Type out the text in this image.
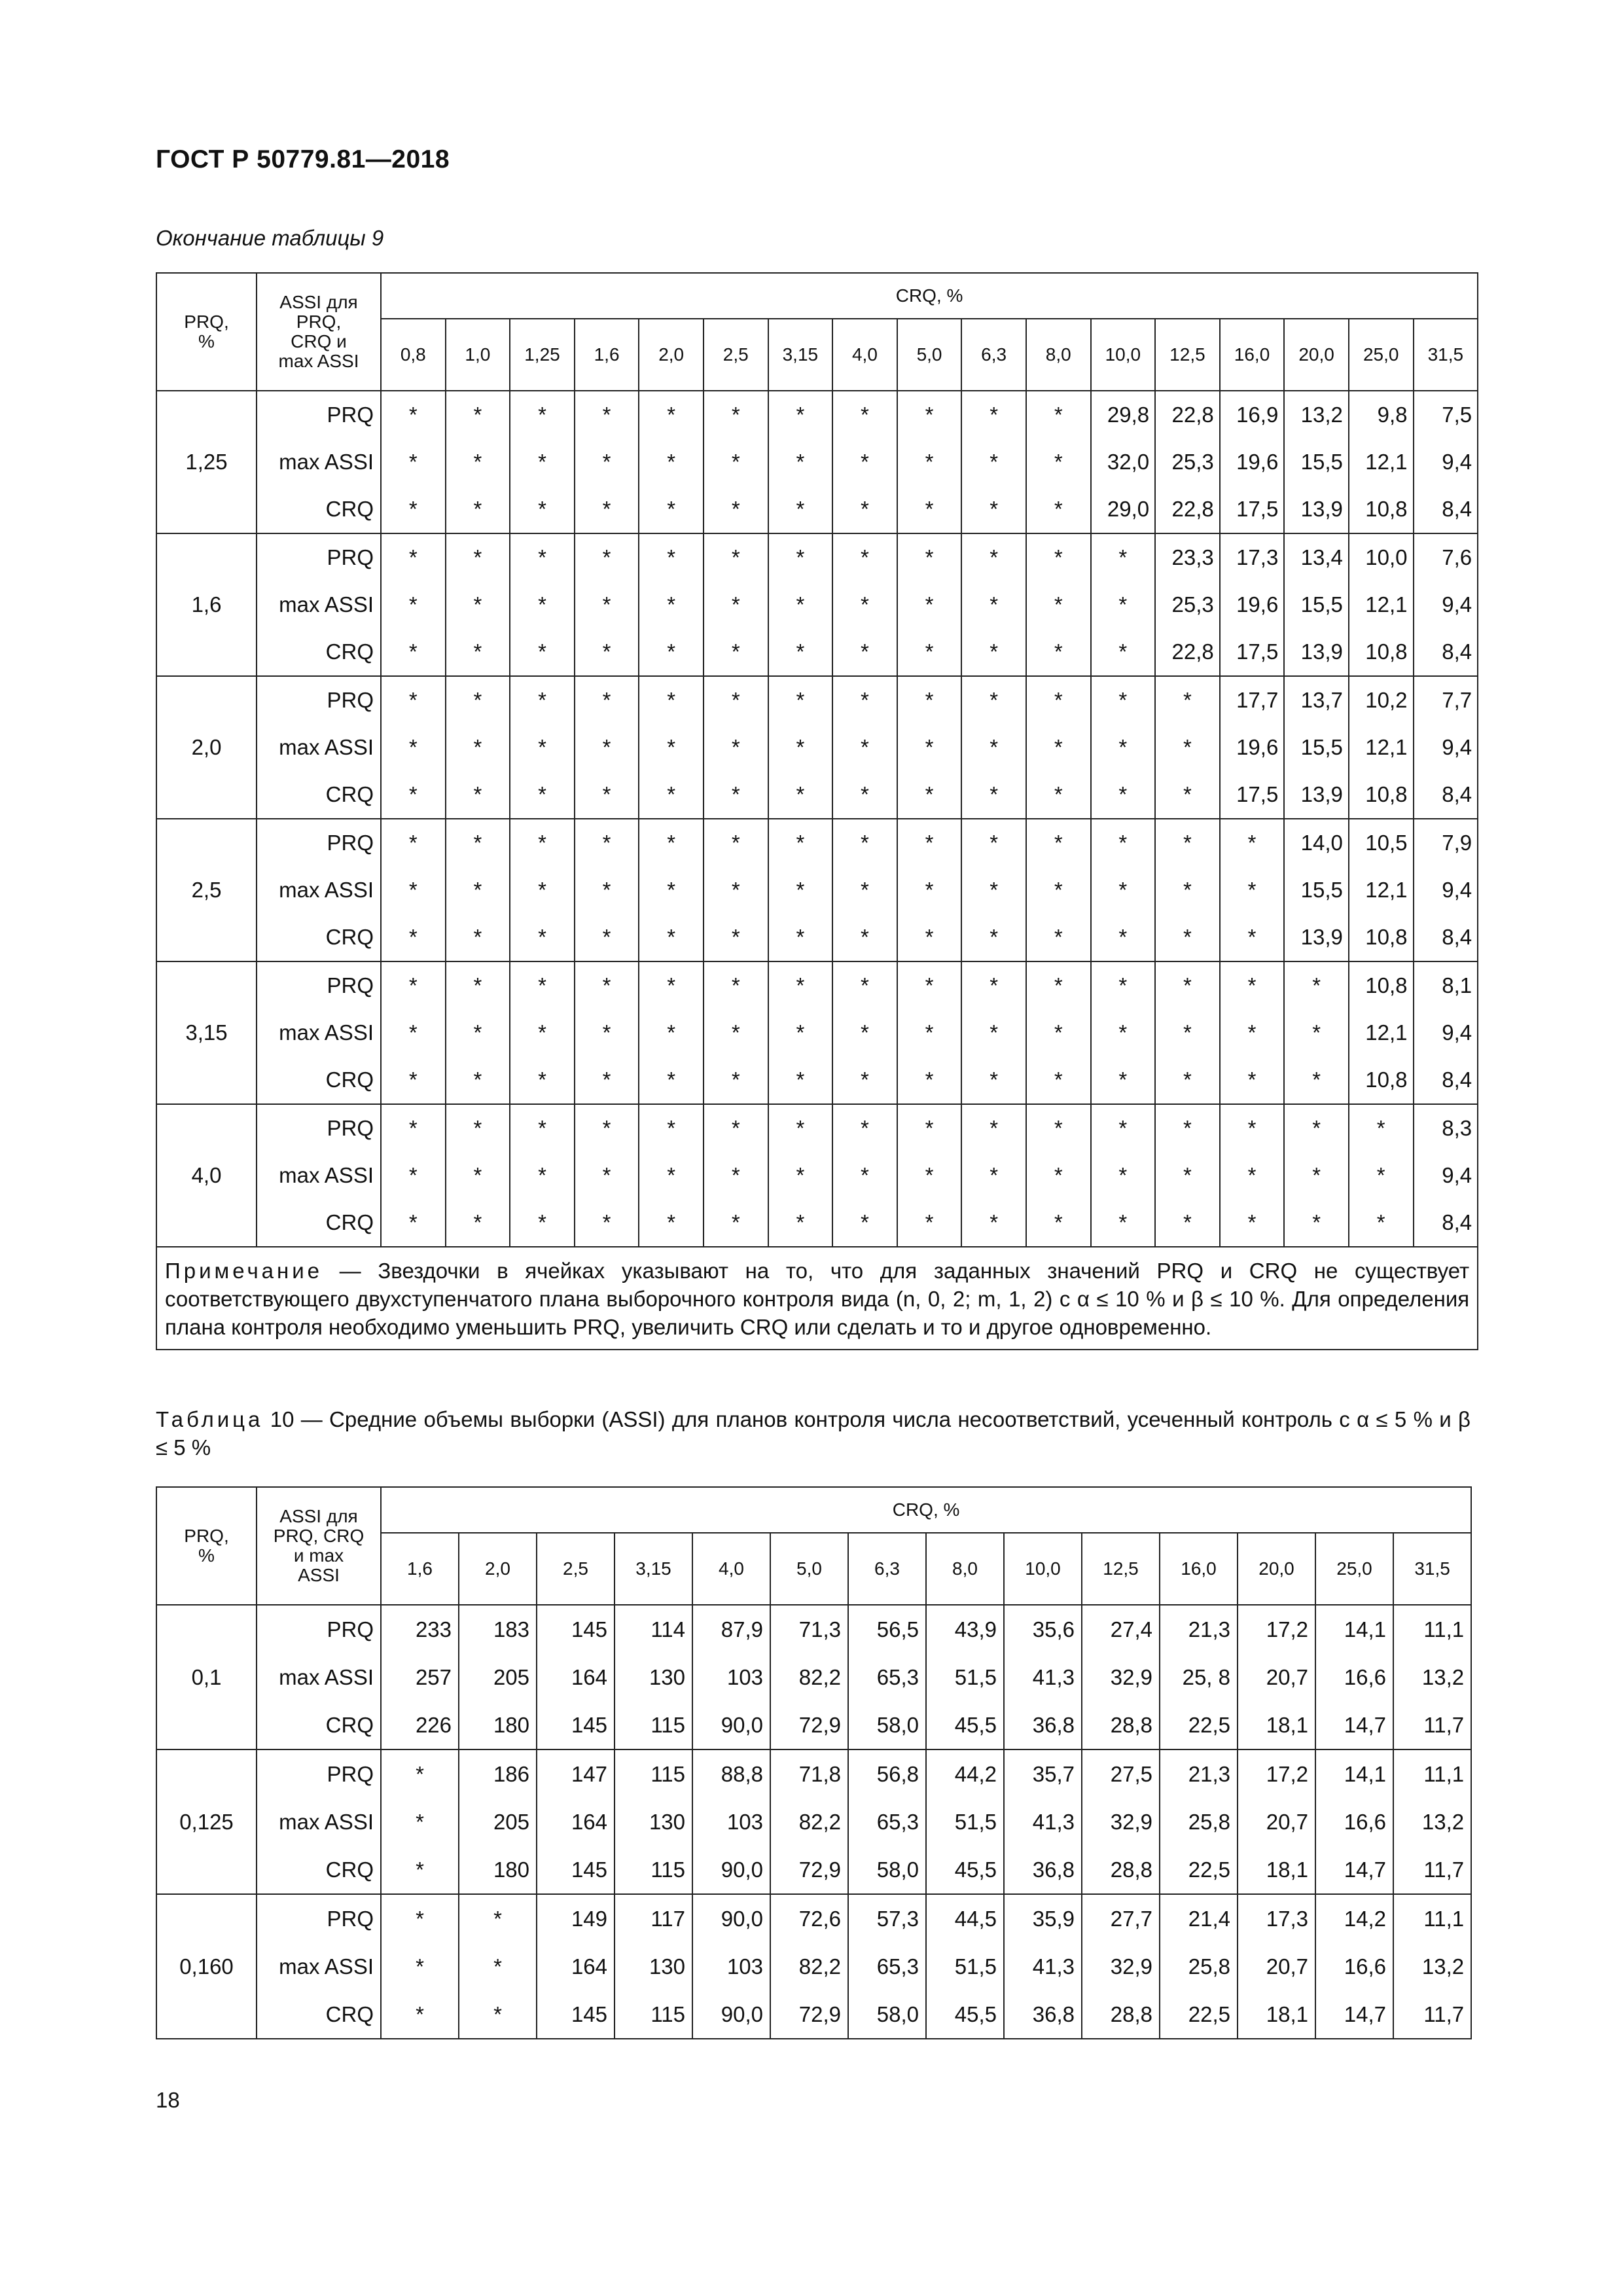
ГОСТ Р 50779.81—2018
Окончание таблицы 9
PRQ,
%	ASSI для
PRQ,
CRQ и
max ASSI	CRQ, %																
		0,8	1,0	1,25	1,6	2,0	2,5	3,15	4,0	5,0	6,3	8,0	10,0	12,5	16,0	20,0	25,0	31,5
1,25	PRQ	*	*	*	*	*	*	*	*	*	*	*	29,8	22,8	16,9	13,2	9,8	7,5
	max ASSI	*	*	*	*	*	*	*	*	*	*	*	32,0	25,3	19,6	15,5	12,1	9,4
	CRQ	*	*	*	*	*	*	*	*	*	*	*	29,0	22,8	17,5	13,9	10,8	8,4
1,6	PRQ	*	*	*	*	*	*	*	*	*	*	*	*	23,3	17,3	13,4	10,0	7,6
	max ASSI	*	*	*	*	*	*	*	*	*	*	*	*	25,3	19,6	15,5	12,1	9,4
	CRQ	*	*	*	*	*	*	*	*	*	*	*	*	22,8	17,5	13,9	10,8	8,4
2,0	PRQ	*	*	*	*	*	*	*	*	*	*	*	*	*	17,7	13,7	10,2	7,7
	max ASSI	*	*	*	*	*	*	*	*	*	*	*	*	*	19,6	15,5	12,1	9,4
	CRQ	*	*	*	*	*	*	*	*	*	*	*	*	*	17,5	13,9	10,8	8,4
2,5	PRQ	*	*	*	*	*	*	*	*	*	*	*	*	*	*	14,0	10,5	7,9
	max ASSI	*	*	*	*	*	*	*	*	*	*	*	*	*	*	15,5	12,1	9,4
	CRQ	*	*	*	*	*	*	*	*	*	*	*	*	*	*	13,9	10,8	8,4
3,15	PRQ	*	*	*	*	*	*	*	*	*	*	*	*	*	*	*	10,8	8,1
	max ASSI	*	*	*	*	*	*	*	*	*	*	*	*	*	*	*	12,1	9,4
	CRQ	*	*	*	*	*	*	*	*	*	*	*	*	*	*	*	10,8	8,4
4,0	PRQ	*	*	*	*	*	*	*	*	*	*	*	*	*	*	*	*	8,3
	max ASSI	*	*	*	*	*	*	*	*	*	*	*	*	*	*	*	*	9,4
	CRQ	*	*	*	*	*	*	*	*	*	*	*	*	*	*	*	*	8,4
Примечание — Звездочки в ячейках указывают на то, что для заданных значений PRQ и CRQ не существует соответствующего двухступенчатого плана выборочного контроля вида (n, 0, 2; m, 1, 2) с α ≤ 10 % и β ≤ 10 %. Для определения плана контроля необходимо уменьшить PRQ, увеличить CRQ или сделать и то и другое одновременно.																		
Таблица 10 — Средние объемы выборки (ASSI) для планов контроля числа несоответствий, усеченный контроль с α ≤ 5 % и β ≤ 5 %
PRQ,
%	ASSI для
PRQ, CRQ
и max
ASSI	CRQ, %													
		1,6	2,0	2,5	3,15	4,0	5,0	6,3	8,0	10,0	12,5	16,0	20,0	25,0	31,5
0,1	PRQ	233	183	145	114	87,9	71,3	56,5	43,9	35,6	27,4	21,3	17,2	14,1	11,1
	max ASSI	257	205	164	130	103	82,2	65,3	51,5	41,3	32,9	25, 8	20,7	16,6	13,2
	CRQ	226	180	145	115	90,0	72,9	58,0	45,5	36,8	28,8	22,5	18,1	14,7	11,7
0,125	PRQ	*	186	147	115	88,8	71,8	56,8	44,2	35,7	27,5	21,3	17,2	14,1	11,1
	max ASSI	*	205	164	130	103	82,2	65,3	51,5	41,3	32,9	25,8	20,7	16,6	13,2
	CRQ	*	180	145	115	90,0	72,9	58,0	45,5	36,8	28,8	22,5	18,1	14,7	11,7
0,160	PRQ	*	*	149	117	90,0	72,6	57,3	44,5	35,9	27,7	21,4	17,3	14,2	11,1
	max ASSI	*	*	164	130	103	82,2	65,3	51,5	41,3	32,9	25,8	20,7	16,6	13,2
	CRQ	*	*	145	115	90,0	72,9	58,0	45,5	36,8	28,8	22,5	18,1	14,7	11,7
18
